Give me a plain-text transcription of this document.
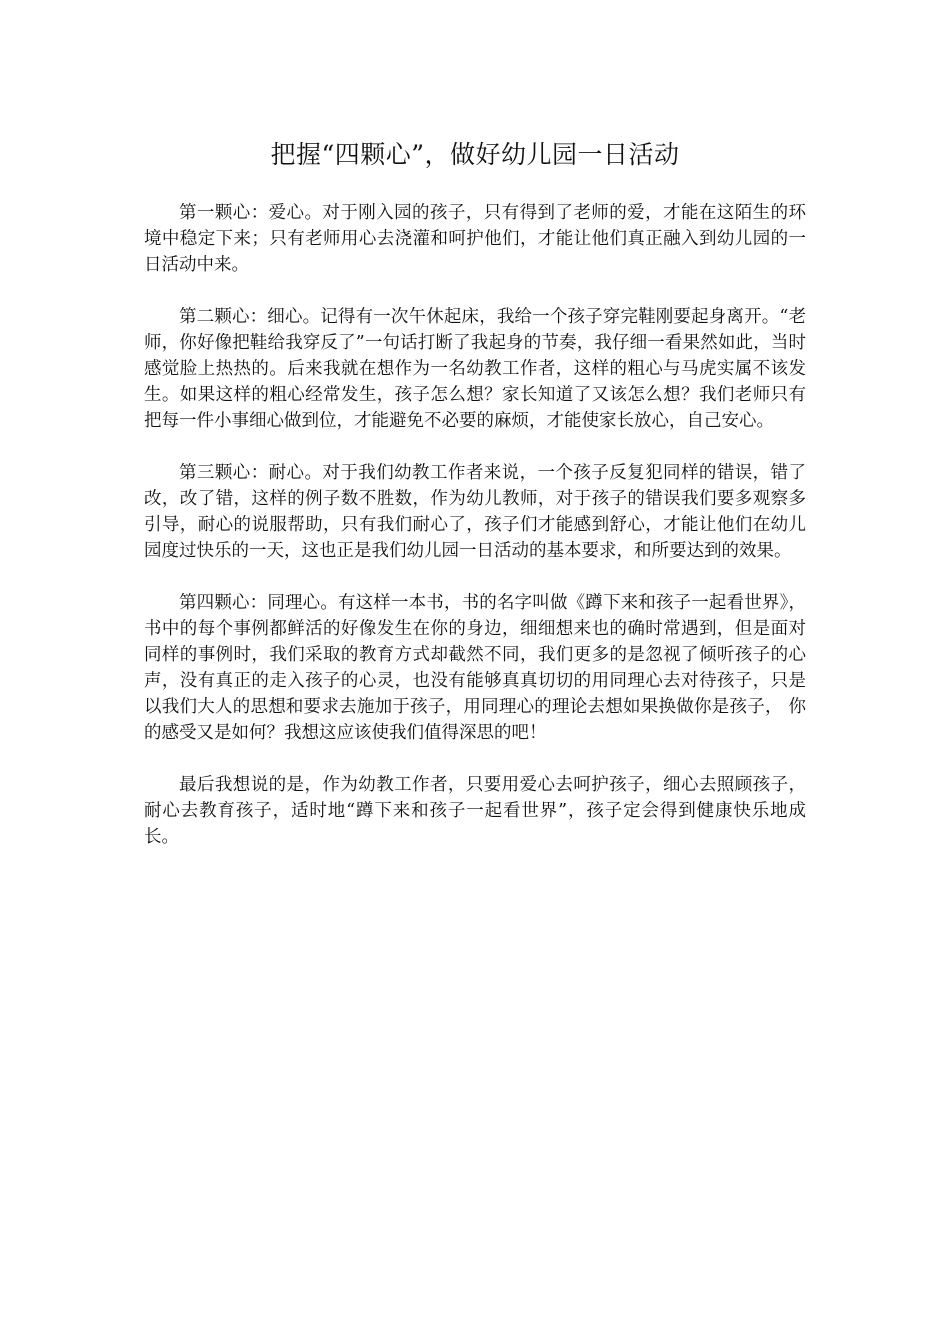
把握“四颗心”，做好幼儿园一日活动

第一颗心：爱心。对于刚入园的孩子，只有得到了老师的爱，才能在这陌生的环境中稳定下来；只有老师用心去浇灌和呵护他们，才能让他们真正融入到幼儿园的一日活动中来。

第二颗心：细心。记得有一次午休起床，我给一个孩子穿完鞋刚要起身离开。“老师，你好像把鞋给我穿反了”一句话打断了我起身的节奏，我仔细一看果然如此，当时感觉脸上热热的。后来我就在想作为一名幼教工作者，这样的粗心与马虎实属不该发生。如果这样的粗心经常发生，孩子怎么想？家长知道了又该怎么想？我们老师只有把每一件小事细心做到位，才能避免不必要的麻烦，才能使家长放心，自己安心。

第三颗心：耐心。对于我们幼教工作者来说，一个孩子反复犯同样的错误，错了改，改了错，这样的例子数不胜数，作为幼儿教师，对于孩子的错误我们要多观察多引导，耐心的说服帮助，只有我们耐心了，孩子们才能感到舒心，才能让他们在幼儿园度过快乐的一天，这也正是我们幼儿园一日活动的基本要求，和所要达到的效果。

第四颗心：同理心。有这样一本书，书的名字叫做《蹲下来和孩子一起看世界》，书中的每个事例都鲜活的好像发生在你的身边，细细想来也的确时常遇到，但是面对同样的事例时，我们采取的教育方式却截然不同，我们更多的是忽视了倾听孩子的心声，没有真正的走入孩子的心灵，也没有能够真真切切的用同理心去对待孩子，只是以我们大人的思想和要求去施加于孩子，用同理心的理论去想如果换做你是孩子， 你的感受又是如何？我想这应该使我们值得深思的吧！

最后我想说的是，作为幼教工作者，只要用爱心去呵护孩子，细心去照顾孩子，耐心去教育孩子，适时地“蹲下来和孩子一起看世界”，孩子定会得到健康快乐地成长。
